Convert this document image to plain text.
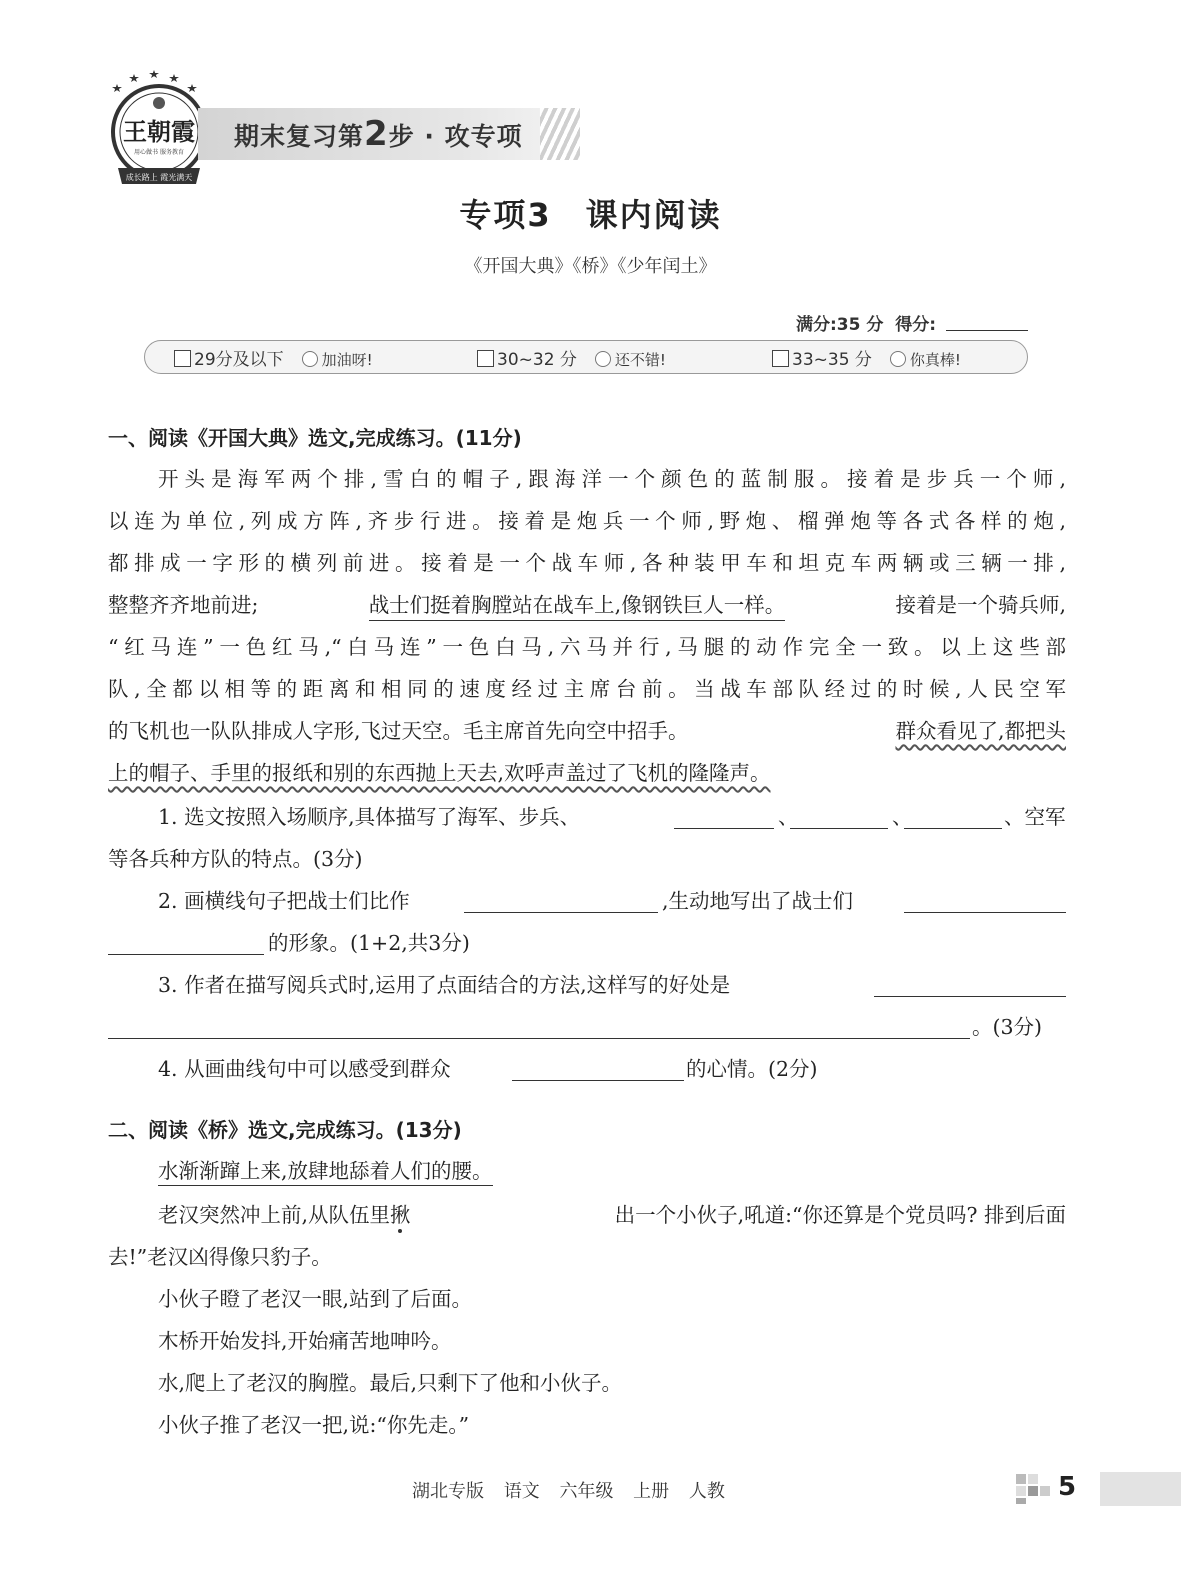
王朝霞
用心做书 服务教育
成长路上 霞光满天
期末复习第2步 · 攻专项
专项3　课内阅读
《开国大典》《桥》《少年闰土》
满分:35 分 得分:
29分及以下	加油呀!	30~32 分	还不错!	33~35 分	你真棒!
一、阅读《开国大典》选文,完成练习。(11分)
开头是海军两个排,雪白的帽子,跟海洋一个颜色的蓝制服。接着是步兵一个师,
以连为单位,列成方阵,齐步行进。接着是炮兵一个师,野炮、榴弹炮等各式各样的炮,
都排成一字形的横列前进。接着是一个战车师,各种装甲车和坦克车两辆或三辆一排,
整整齐齐地前进;	战士们挺着胸膛站在战车上,像钢铁巨人一样。	接着是一个骑兵师,
“红马连”一色红马,“白马连”一色白马,六马并行,马腿的动作完全一致。以上这些部
队,全都以相等的距离和相同的速度经过主席台前。当战车部队经过的时候,人民空军
的飞机也一队队排成人字形,飞过天空。毛主席首先向空中招手。	群众看见了,都把头
上的帽子、手里的报纸和别的东西抛上天去,欢呼声盖过了飞机的隆隆声。
1. 选文按照入场顺序,具体描写了海军、步兵、	、	、	、空军
等各兵种方队的特点。(3分)
2. 画横线句子把战士们比作	,生动地写出了战士们
的形象。(1+2,共3分)
3. 作者在描写阅兵式时,运用了点面结合的方法,这样写的好处是
。(3分)
4. 从画曲线句中可以感受到群众	的心情。(2分)
二、阅读《桥》选文,完成练习。(13分)
水渐渐蹿上来,放肆地舔着人们的腰。
老汉突然冲上前,从队伍里揪	出一个小伙子,吼道:“你还算是个党员吗? 排到后面
去!”老汉凶得像只豹子。
小伙子瞪了老汉一眼,站到了后面。
木桥开始发抖,开始痛苦地呻吟。
水,爬上了老汉的胸膛。最后,只剩下了他和小伙子。
小伙子推了老汉一把,说:“你先走。”
湖北专版 语文 六年级 上册 人教	5
